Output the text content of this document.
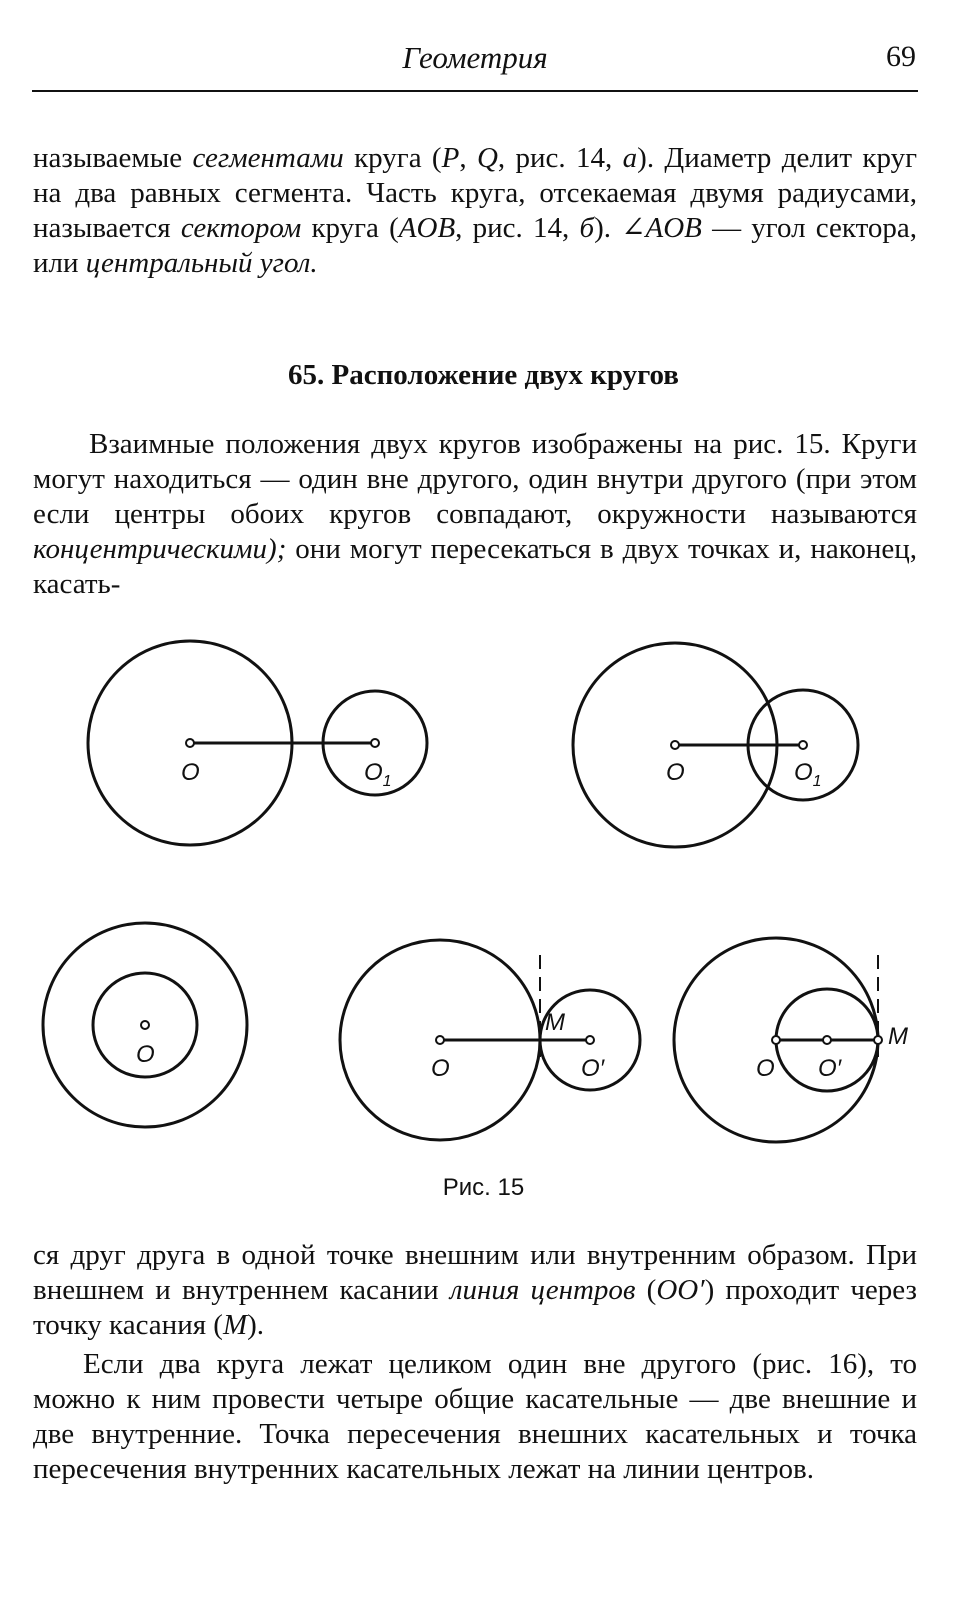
Геометрия	69

называемые сегментами круга (P, Q, рис. 14, а). Диаметр делит круг на два равных сегмента. Часть круга, отсекаемая двумя радиусами, называется сектором круга (AOB, рис. 14, б). ∠AOB — угол сектора, или центральный угол.

65. Расположение двух кругов

Взаимные положения двух кругов изображены на рис. 15. Круги могут находиться — один вне другого, один внутри другого (при этом если центры обоих кругов совпадают, окружности называются концентрическими); они могут пересекаться в двух точках и, наконец, касать-

O	$O_1$	O	$O_1$
O
O	O′
M
O O′
M
Рис. 15

ся друг друга в одной точке внешним или внутренним образом. При внешнем и внутреннем касании линия центров (OO′) проходит через точку касания (M).

Если два круга лежат целиком один вне другого (рис. 16), то можно к ним провести четыре общие касательные — две внешние и две внутренние. Точка пересечения внешних касательных и точка пересечения внутренних касательных лежат на линии центров.
